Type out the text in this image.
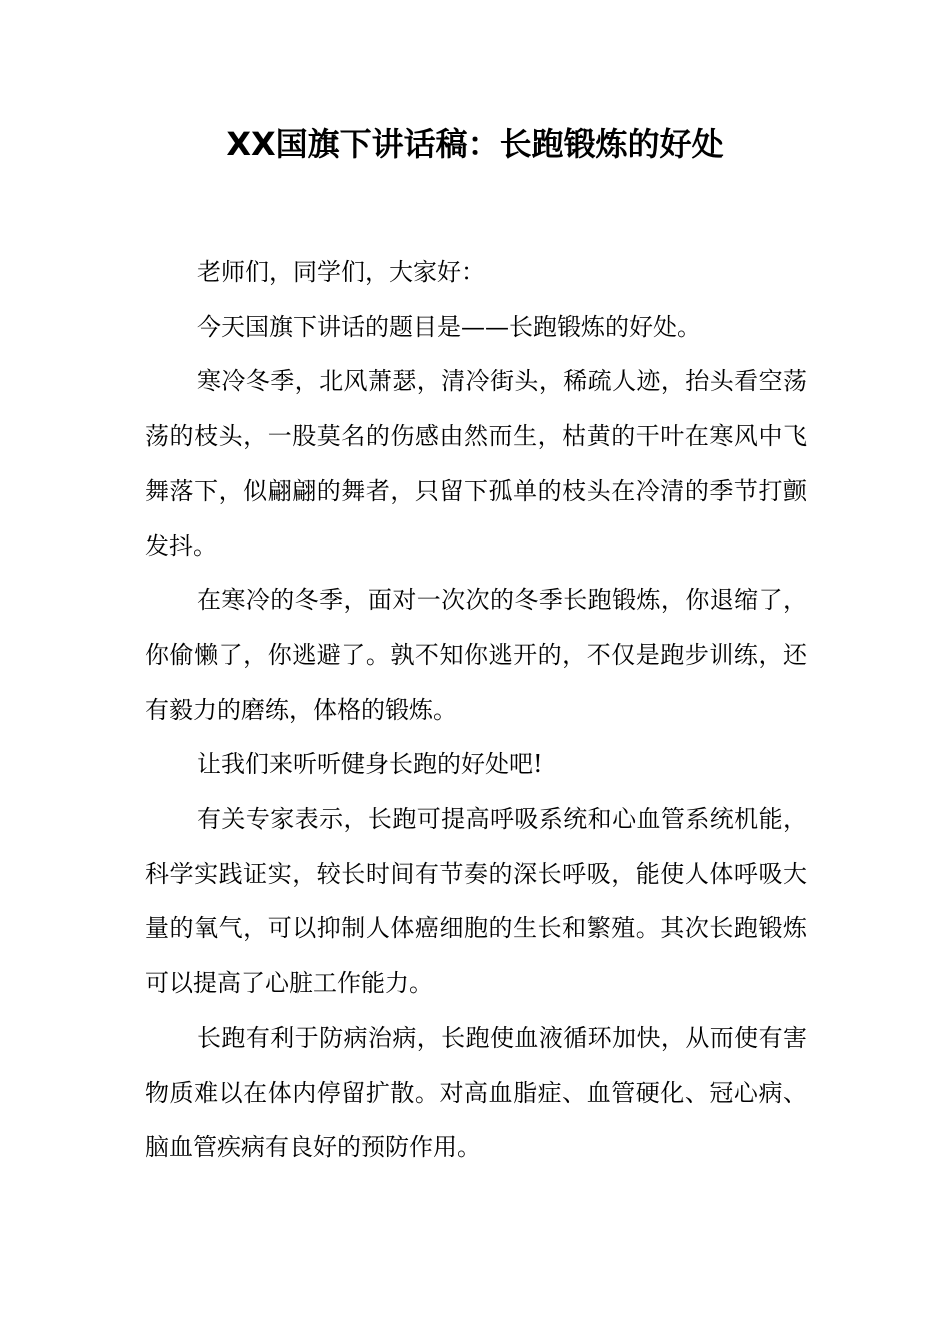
XX国旗下讲话稿：长跑锻炼的好处

老师们，同学们，大家好：

今天国旗下讲话的题目是——长跑锻炼的好处。

寒冷冬季，北风萧瑟，清冷街头，稀疏人迹，抬头看空荡荡的枝头，一股莫名的伤感由然而生，枯黄的干叶在寒风中飞舞落下，似翩翩的舞者，只留下孤单的枝头在冷清的季节打颤发抖。

在寒冷的冬季，面对一次次的冬季长跑锻炼，你退缩了，你偷懒了，你逃避了。孰不知你逃开的，不仅是跑步训练，还有毅力的磨练，体格的锻炼。

让我们来听听健身长跑的好处吧!

有关专家表示，长跑可提高呼吸系统和心血管系统机能，科学实践证实，较长时间有节奏的深长呼吸，能使人体呼吸大量的氧气，可以抑制人体癌细胞的生长和繁殖。其次长跑锻炼可以提高了心脏工作能力。

长跑有利于防病治病，长跑使血液循环加快，从而使有害物质难以在体内停留扩散。对高血脂症、血管硬化、冠心病、脑血管疾病有良好的预防作用。
